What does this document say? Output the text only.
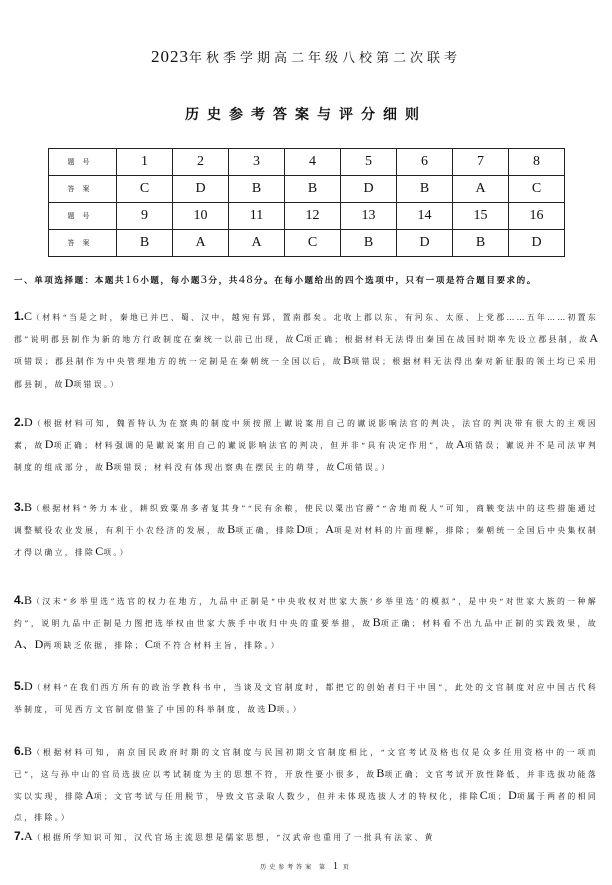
2023年秋季学期高二年级八校第二次联考
历史参考答案与评分细则
题号	1	2	3	4	5	6	7	8
答案	C	D	B	B	D	B	A	C
题号	9	10	11	12	13	14	15	16
答案	B	A	A	C	B	D	B	D
一、单项选择题：本题共16小题，每小题3分，共48分。在每小题给出的四个选项中，只有一项是符合题目要求的。
1.C（材料“当是之时，秦地已并巴、蜀、汉中，越宛有郢，置南郡矣。北收上郡以东，有河东、太原、上党郡……五年……初置东郡”说明郡县制作为新的地方行政制度在秦统一以前已出现，故C项正确；根据材料无法得出秦国在战国时期率先设立郡县制，故A项错误；郡县制作为中央管理地方的统一定制是在秦朝统一全国以后，故B项错误；根据材料无法得出秦对新征服的领土均已采用郡县制，故D项错误。）
2.D（根据材料可知，魏晋特认为在察典的制度中须按照上谳说案用自己的谳说影响法官的判决，法官的判决带有很大的主观因素，故D项正确；材料强调的是谳说案用自己的谳说影响法官的判决，但并非“具有决定作用”，故A项错误；谳说并不是司法审判制度的组成部分，故B项错误；材料没有体现出察典在摆民主的萌芽，故C项错误。）
3.B（根据材料“务力本业，耕织致粟帛多者复其身”“民有余粮，使民以粟出官爵”“舍地而税人”可知，商鞅变法中的这些措施通过调整赋役农业发展，有利于小农经济的发展，故B项正确，排除D项；A项是对材料的片面理解，排除；秦朝统一全国后中央集权制才得以确立，排除C项。）
4.B（汉末“乡举里选”选官的权力在地方，九品中正制是“中央收权对世家大族‘乡举里选’的模拟”，是中央“对世家大族的一种解约”，说明九品中正制是力图把选举权由世家大族手中收归中央的重要举措，故B项正确；材料看不出九品中正制的实践效果，故A、D两项缺乏依据，排除；C项不符合材料主旨，排除。）
5.D（材料“在我们西方所有的政治学教科书中，当谈及文官制度时，都把它的创始者归于中国”，此处的文官制度对应中国古代科举制度，可见西方文官制度借鉴了中国的科举制度，故选D项。）
6.B（根据材料可知，南京国民政府时期的文官制度与民国初期文官制度相比，“文官考试及格也仅是众多任用资格中的一项而已”，这与孙中山的官员选拔应以考试制度为主的思想不符，开放性要小很多，故B项正确；文官考试开放性降低，并非选拔功能落实以实现，排除A项；文官考试与任用脱节，导致文官录取人数少，但并未体现选拔人才的特权化，排除C项；D项属于两者的相同点，排除。）
7.A（根据所学知识可知，汉代官场主流思想是儒家思想，“汉武帝也重用了一批具有法家、黄
历史参考答案 第 1 页
